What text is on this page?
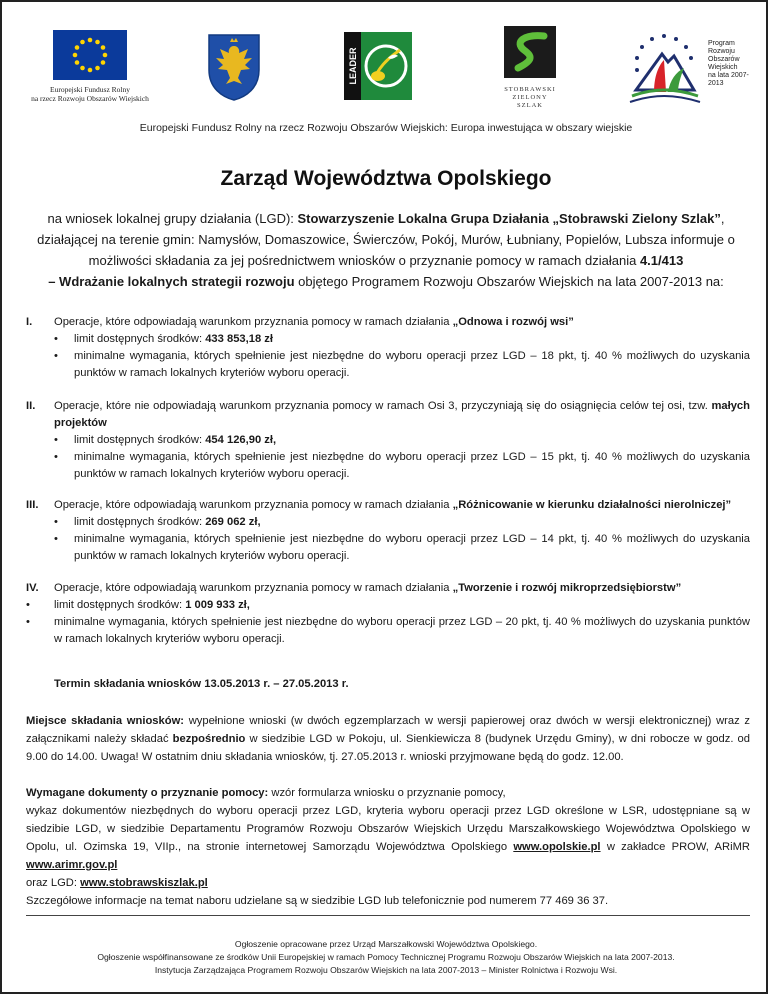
Europejski Fundusz Rolny
na rzecz Rozwoju Obszarów Wiejskich
LEADER
STOBRAWSKI
ZIELONY
SZLAK
Program
Rozwoju
Obszarów
Wiejskich
na lata 2007-2013
Europejski Fundusz Rolny na rzecz Rozwoju Obszarów Wiejskich: Europa inwestująca w obszary wiejskie
Zarząd Województwa Opolskiego
na wniosek lokalnej grupy działania (LGD): Stowarzyszenie Lokalna Grupa Działania „Stobrawski Zielony Szlak”, działającej na terenie gmin: Namysłów, Domaszowice, Świerczów, Pokój, Murów, Łubniany, Popielów, Lubsza informuje o możliwości składania za jej pośrednictwem wniosków o przyznanie pomocy w ramach działania 4.1/413
– Wdrażanie lokalnych strategii rozwoju objętego Programem Rozwoju Obszarów Wiejskich na lata 2007-2013 na:
I.	Operacje, które odpowiadają warunkom przyznania pomocy w ramach działania „Odnowa i rozwój wsi”
•	limit dostępnych środków: 433 853,18 zł
•	minimalne wymagania, których spełnienie jest niezbędne do wyboru operacji przez LGD – 18 pkt, tj. 40 % możliwych do uzyskania punktów w ramach lokalnych kryteriów wyboru operacji.
II.	Operacje, które nie odpowiadają warunkom przyznania pomocy w ramach Osi 3, przyczyniają się do osiągnięcia celów tej osi, tzw. małych projektów
•	limit dostępnych środków: 454 126,90 zł,
•	minimalne wymagania, których spełnienie jest niezbędne do wyboru operacji przez LGD – 15 pkt, tj. 40 % możliwych do uzyskania punktów w ramach lokalnych kryteriów wyboru operacji.
III.	Operacje, które odpowiadają warunkom przyznania pomocy w ramach działania „Różnicowanie w kierunku działalności nierolniczej”
•	limit dostępnych środków: 269 062 zł,
•	minimalne wymagania, których spełnienie jest niezbędne do wyboru operacji przez LGD – 14 pkt, tj. 40 % możliwych do uzyskania punktów w ramach lokalnych kryteriów wyboru operacji.
IV.	Operacje, które odpowiadają warunkom przyznania pomocy w ramach działania „Tworzenie i rozwój mikroprzedsiębiorstw”
•	limit dostępnych środków: 1 009 933 zł,
•	minimalne wymagania, których spełnienie jest niezbędne do wyboru operacji przez LGD – 20 pkt, tj. 40 % możliwych do uzyskania punktów w ramach lokalnych kryteriów wyboru operacji.
Termin składania wniosków 13.05.2013 r. – 27.05.2013 r.
Miejsce składania wniosków: wypełnione wnioski (w dwóch egzemplarzach w wersji papierowej oraz dwóch w wersji elektronicznej) wraz z załącznikami należy składać bezpośrednio w siedzibie LGD w Pokoju, ul. Sienkiewicza 8 (budynek Urzędu Gminy), w dni robocze w godz. od 9.00 do 14.00. Uwaga! W ostatnim dniu składania wniosków, tj. 27.05.2013 r. wnioski przyjmowane będą do godz. 12.00.
Wymagane dokumenty o przyznanie pomocy: wzór formularza wniosku o przyznanie pomocy,
wykaz dokumentów niezbędnych do wyboru operacji przez LGD, kryteria wyboru operacji przez LGD określone w LSR, udostępniane są w siedzibie LGD, w siedzibie Departamentu Programów Rozwoju Obszarów Wiejskich Urzędu Marszałkowskiego Województwa Opolskiego w Opolu, ul. Ozimska 19, VIIp., na stronie internetowej Samorządu Województwa Opolskiego www.opolskie.pl w zakładce PROW, ARiMR www.arimr.gov.pl
oraz LGD: www.stobrawskiszlak.pl
Szczegółowe informacje na temat naboru udzielane są w siedzibie LGD lub telefonicznie pod numerem 77 469 36 37.
Ogłoszenie opracowane przez Urząd Marszałkowski Województwa Opolskiego.
Ogłoszenie współfinansowane ze środków Unii Europejskiej w ramach Pomocy Technicznej Programu Rozwoju Obszarów Wiejskich na lata 2007-2013.
Instytucja Zarządzająca Programem Rozwoju Obszarów Wiejskich na lata 2007-2013 – Minister Rolnictwa i Rozwoju Wsi.
